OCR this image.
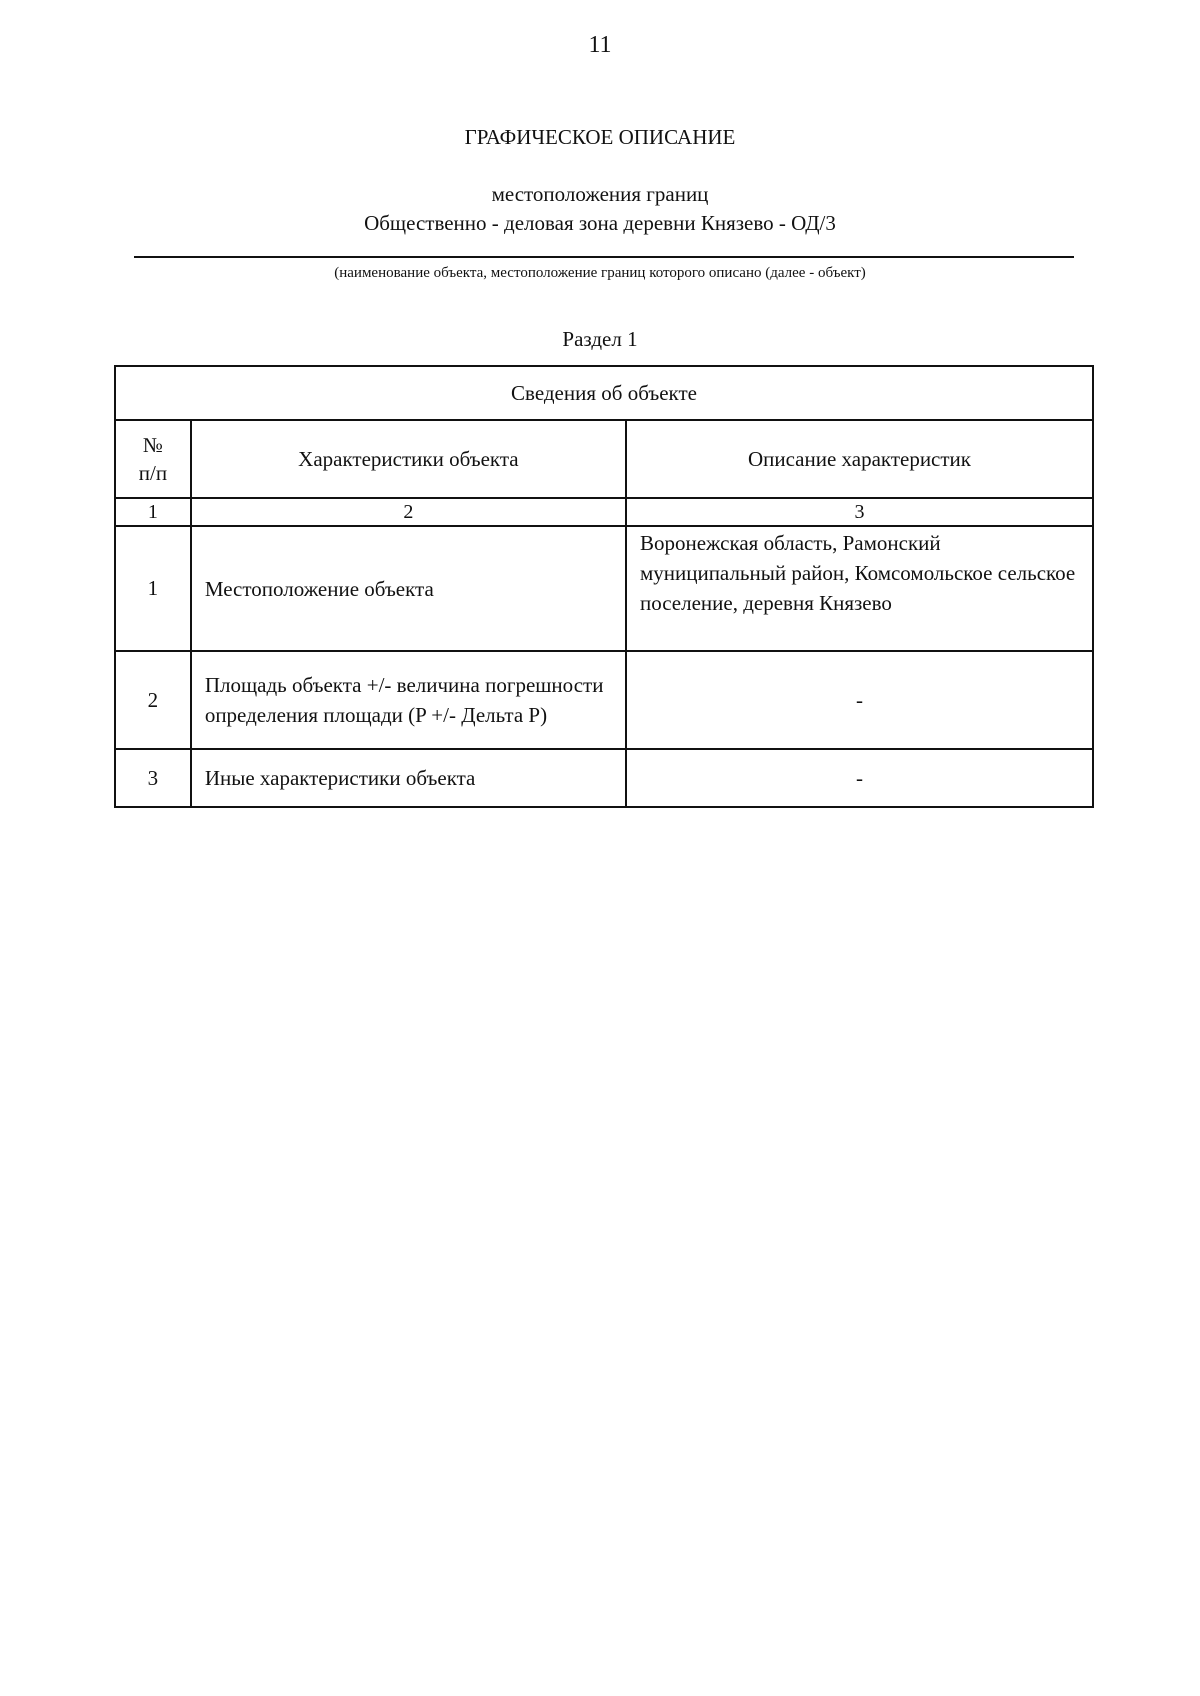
11
ГРАФИЧЕСКОЕ ОПИСАНИЕ
местоположения границ
Общественно - деловая зона деревни Князево - ОД/3
(наименование объекта, местоположение границ которого описано (далее - объект)
Раздел 1
Сведения об объекте		

№
п/п	Характеристики объекта	Описание характеристик
1	2	3
1	Местоположение объекта	Воронежская область, Рамонский муниципальный район, Комсомольское сельское поселение, деревня Князево
2	Площадь объекта +/- величина погрешности определения площади (P +/- Дельта P)	-
3	Иные характеристики объекта	-
